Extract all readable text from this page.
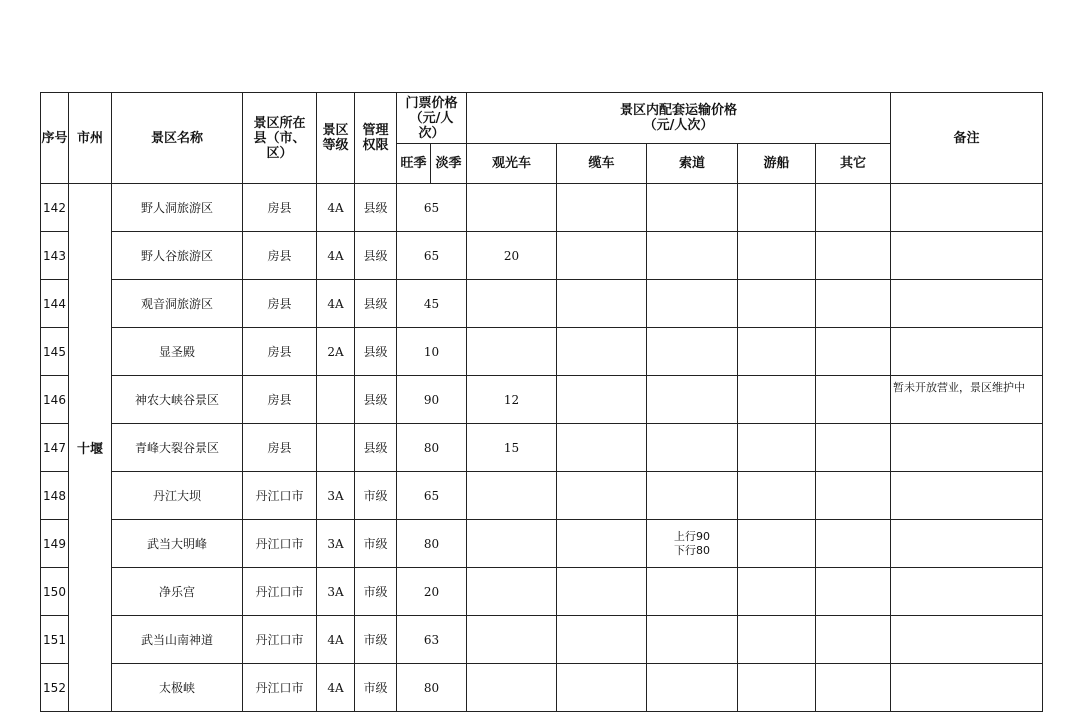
序号	市州	景区名称	景区所在县（市、区）	景区等级	管理权限	门票价格（元/人次）		景区内配套运输价格
（元/人次）					备注
						旺季	淡季	观光车	缆车	索道	游船	其它	
142	十堰	野人洞旅游区	房县	4A	县级	65				

143		野人谷旅游区	房县	4A	县级	65		20		

144		观音洞旅游区	房县	4A	县级	45				

145		显圣殿	房县	2A	县级	10				

146		神农大峡谷景区	房县		县级	90		12					暂未开放营业，景区维护中
147		青峰大裂谷景区	房县		县级	80		15		

148		丹江大坝	丹江口市	3A	市级	65				

149		武当大明峰	丹江口市	3A	市级	80				上行90
下行80			

150		净乐宫	丹江口市	3A	市级	20				

151		武当山南神道	丹江口市	4A	市级	63				

152		太极峡	丹江口市	4A	市级	80				
